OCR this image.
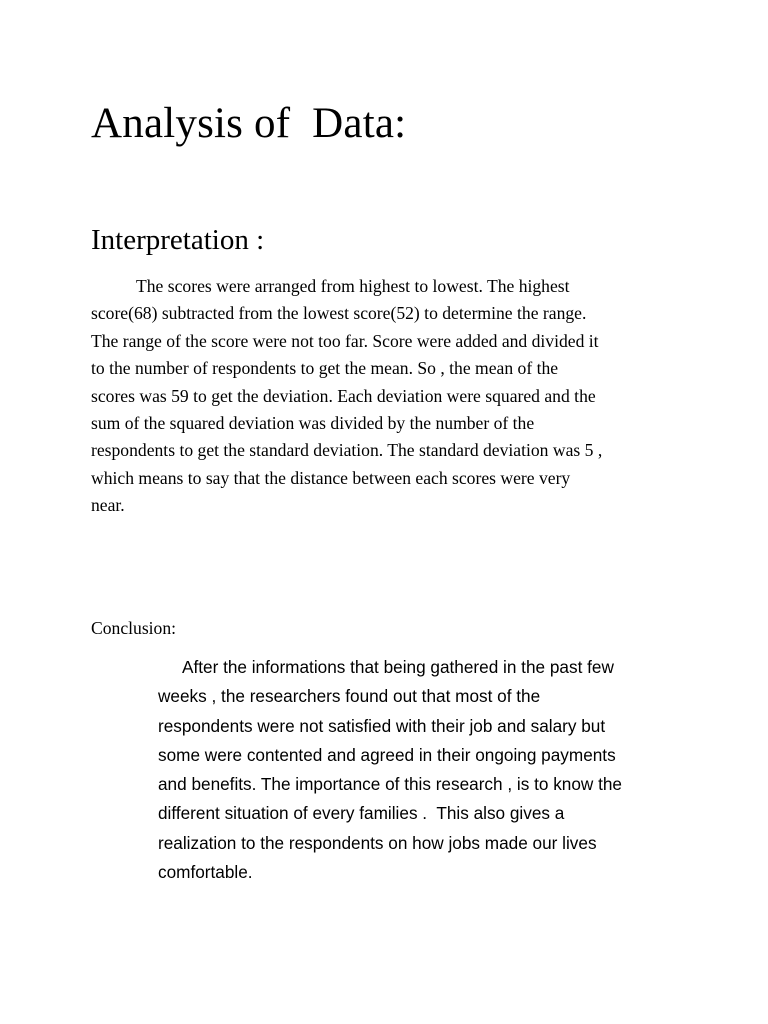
Analysis of  Data:
Interpretation :
The scores were arranged from highest to lowest. The highest
score(68) subtracted from the lowest score(52) to determine the range.
The range of the score were not too far. Score were added and divided it
to the number of respondents to get the mean. So , the mean of the
scores was 59 to get the deviation. Each deviation were squared and the
sum of the squared deviation was divided by the number of the
respondents to get the standard deviation. The standard deviation was 5 ,
which means to say that the distance between each scores were very
near.
Conclusion:
After the informations that being gathered in the past few
weeks , the researchers found out that most of the
respondents were not satisfied with their job and salary but
some were contented and agreed in their ongoing payments
and benefits. The importance of this research , is to know the
different situation of every families .  This also gives a
realization to the respondents on how jobs made our lives
comfortable.
